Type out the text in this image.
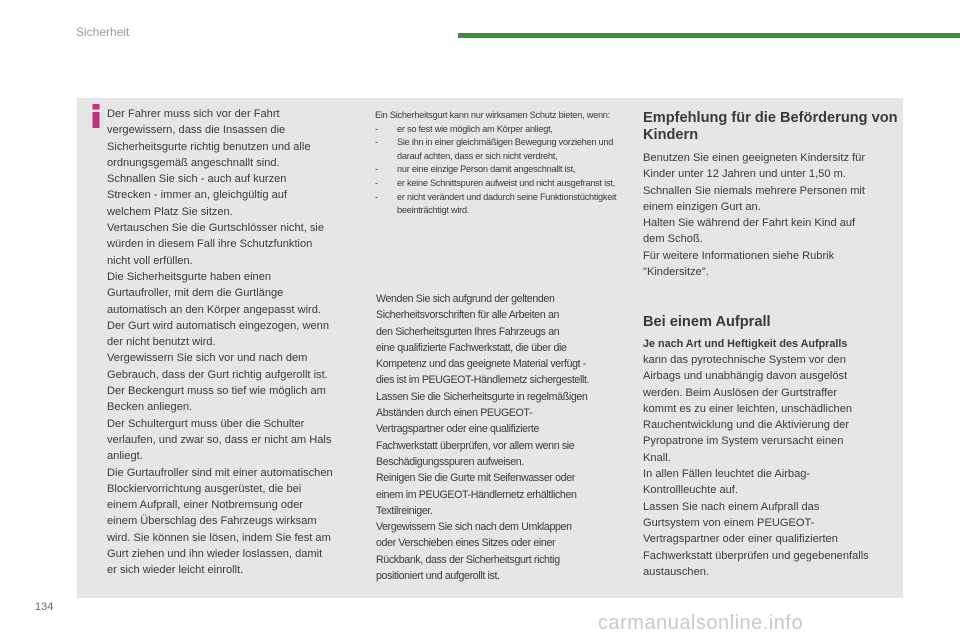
Sicherheit
Der Fahrer muss sich vor der Fahrt
vergewissern, dass die Insassen die
Sicherheitsgurte richtig benutzen und alle
ordnungsgemäß angeschnallt sind.
Schnallen Sie sich - auch auf kurzen
Strecken - immer an, gleichgültig auf
welchem Platz Sie sitzen.
Vertauschen Sie die Gurtschlösser nicht, sie
würden in diesem Fall ihre Schutzfunktion
nicht voll erfüllen.
Die Sicherheitsgurte haben einen
Gurtaufroller, mit dem die Gurtlänge
automatisch an den Körper angepasst wird.
Der Gurt wird automatisch eingezogen, wenn
der nicht benutzt wird.
Vergewissern Sie sich vor und nach dem
Gebrauch, dass der Gurt richtig aufgerollt ist.
Der Beckengurt muss so tief wie möglich am
Becken anliegen.
Der Schultergurt muss über die Schulter
verlaufen, und zwar so, dass er nicht am Hals
anliegt.
Die Gurtaufroller sind mit einer automatischen
Blockiervorrichtung ausgerüstet, die bei
einem Aufprall, einer Notbremsung oder
einem Überschlag des Fahrzeugs wirksam
wird. Sie können sie lösen, indem Sie fest am
Gurt ziehen und ihn wieder loslassen, damit
er sich wieder leicht einrollt.
Ein Sicherheitsgurt kann nur wirksamen Schutz bieten, wenn:
- er so fest wie möglich am Körper anliegt,
- Sie ihn in einer gleichmäßigen Bewegung vorziehen und darauf achten, dass er sich nicht verdreht,
- nur eine einzige Person damit angeschnallt ist,
- er keine Schnittspuren aufweist und nicht ausgefranst ist,
- er nicht verändert und dadurch seine Funktionstüchtigkeit beeinträchtigt wird.
Wenden Sie sich aufgrund der geltenden
Sicherheitsvorschriften für alle Arbeiten an
den Sicherheitsgurten Ihres Fahrzeugs an
eine qualifizierte Fachwerkstatt, die über die
Kompetenz und das geeignete Material verfügt -
dies ist im PEUGEOT-Händlernetz sichergestellt.
Lassen Sie die Sicherheitsgurte in regelmäßigen
Abständen durch einen PEUGEOT-
Vertragspartner oder eine qualifizierte
Fachwerkstatt überprüfen, vor allem wenn sie
Beschädigungsspuren aufweisen.
Reinigen Sie die Gurte mit Seifenwasser oder
einem im PEUGEOT-Händlernetz erhältlichen
Textilreiniger.
Vergewissern Sie sich nach dem Umklappen
oder Verschieben eines Sitzes oder einer
Rückbank, dass der Sicherheitsgurt richtig
positioniert und aufgerollt ist.
Empfehlung für die Beförderung von Kindern
Benutzen Sie einen geeigneten Kindersitz für
Kinder unter 12 Jahren und unter 1,50 m.
Schnallen Sie niemals mehrere Personen mit
einem einzigen Gurt an.
Halten Sie während der Fahrt kein Kind auf
dem Schoß.
Für weitere Informationen siehe Rubrik
"Kindersitze".
Bei einem Aufprall
Je nach Art und Heftigkeit des Aufpralls
kann das pyrotechnische System vor den
Airbags und unabhängig davon ausgelöst
werden. Beim Auslösen der Gurtstraffer
kommt es zu einer leichten, unschädlichen
Rauchentwicklung und die Aktivierung der
Pyropatrone im System verursacht einen
Knall.
In allen Fällen leuchtet die Airbag-
Kontrollleuchte auf.
Lassen Sie nach einem Aufprall das
Gurtsystem von einem PEUGEOT-
Vertragspartner oder einer qualifizierten
Fachwerkstatt überprüfen und gegebenenfalls
austauschen.
134
carmanualsonline.info
